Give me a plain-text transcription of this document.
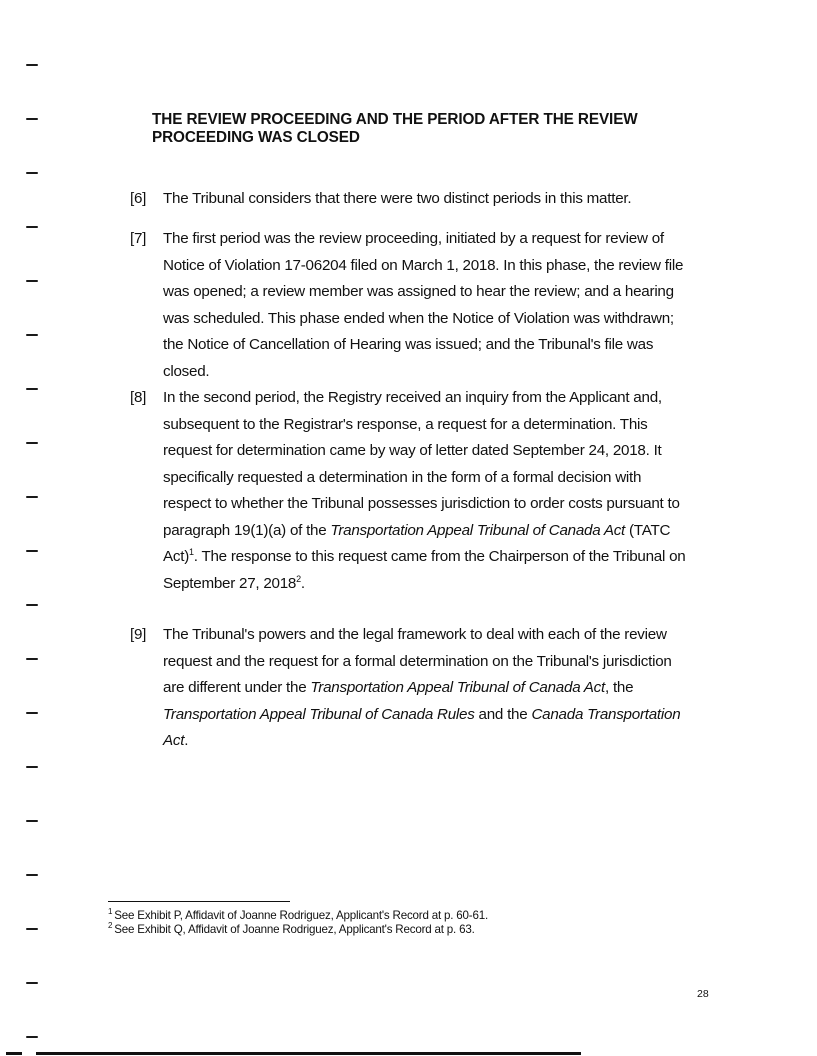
THE REVIEW PROCEEDING AND THE PERIOD AFTER THE REVIEW PROCEEDING WAS CLOSED
[6] The Tribunal considers that there were two distinct periods in this matter.
[7] The first period was the review proceeding, initiated by a request for review of Notice of Violation 17-06204 filed on March 1, 2018. In this phase, the review file was opened; a review member was assigned to hear the review; and a hearing was scheduled. This phase ended when the Notice of Violation was withdrawn; the Notice of Cancellation of Hearing was issued; and the Tribunal's file was closed.
[8] In the second period, the Registry received an inquiry from the Applicant and, subsequent to the Registrar's response, a request for a determination. This request for determination came by way of letter dated September 24, 2018. It specifically requested a determination in the form of a formal decision with respect to whether the Tribunal possesses jurisdiction to order costs pursuant to paragraph 19(1)(a) of the Transportation Appeal Tribunal of Canada Act (TATC Act)$^1$. The response to this request came from the Chairperson of the Tribunal on September 27, 2018$^2$.
[9] The Tribunal's powers and the legal framework to deal with each of the review request and the request for a formal determination on the Tribunal's jurisdiction are different under the Transportation Appeal Tribunal of Canada Act, the Transportation Appeal Tribunal of Canada Rules and the Canada Transportation Act.
$^1$ See Exhibit P, Affidavit of Joanne Rodriguez, Applicant's Record at p. 60-61.
$^2$ See Exhibit Q, Affidavit of Joanne Rodriguez, Applicant's Record at p. 63.
28
